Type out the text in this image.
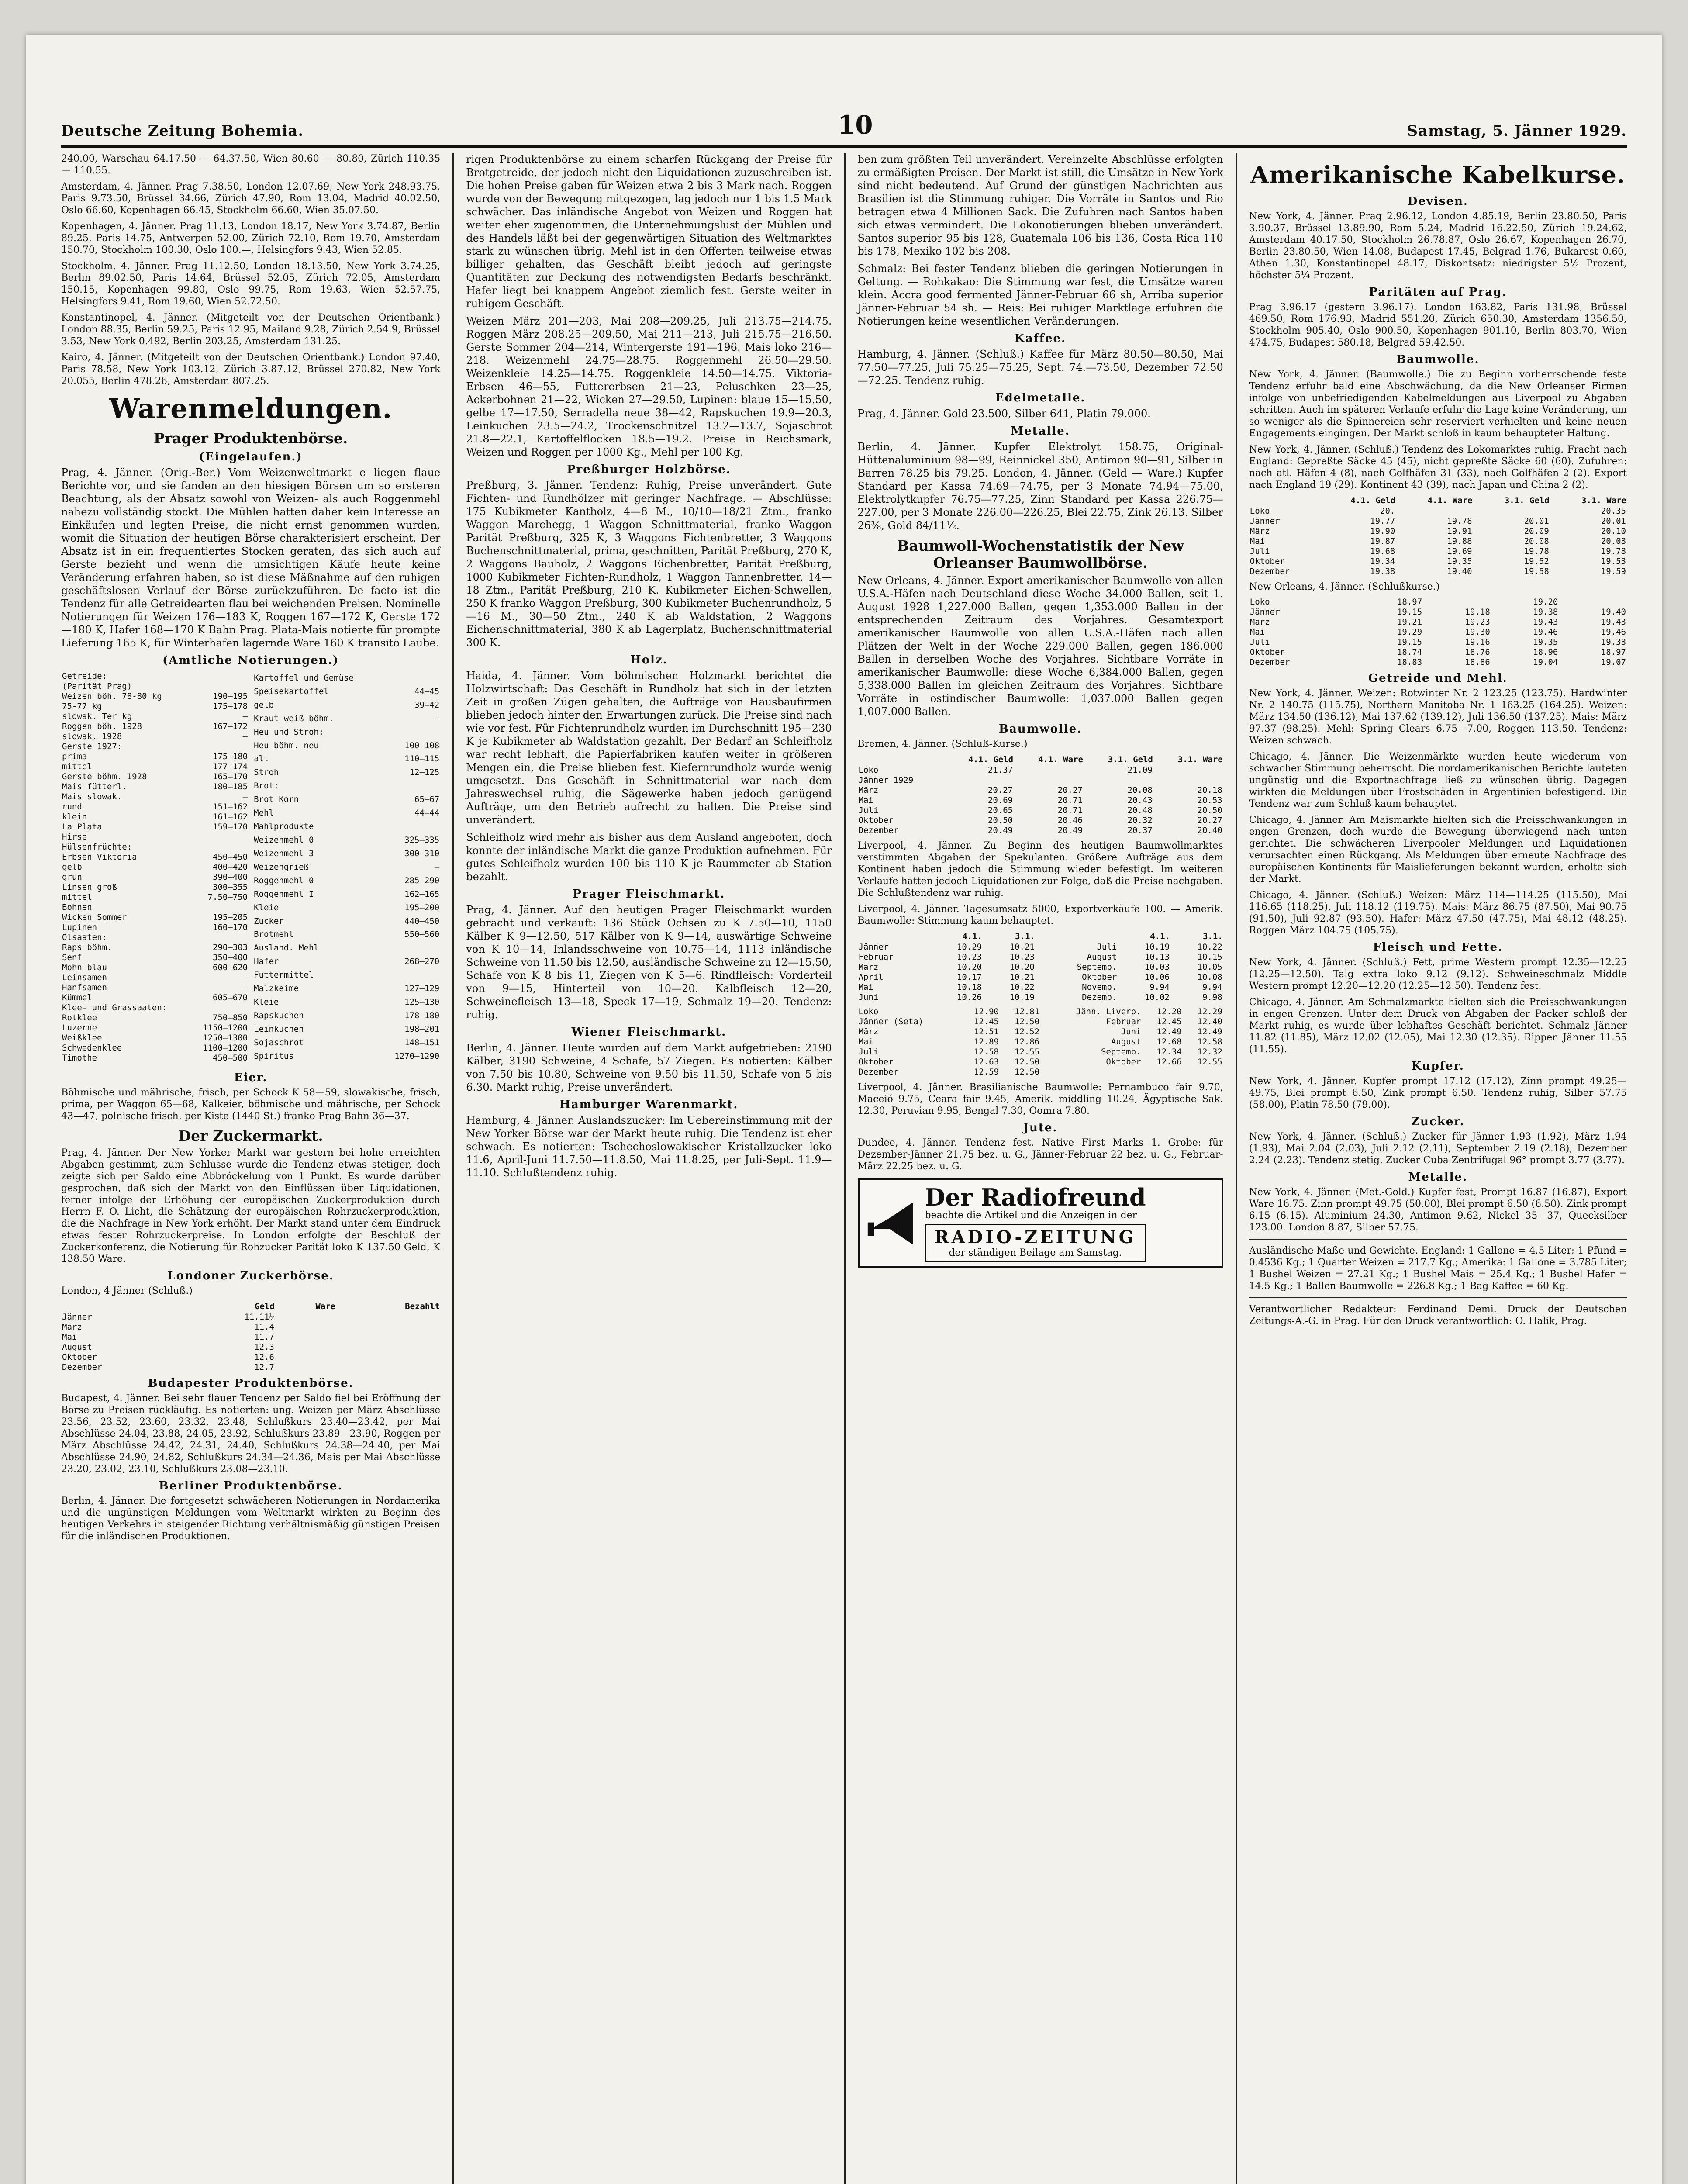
Deutsche Zeitung Bohemia.	10	Samstag, 5. Jänner 1929.

240.00, Warschau 64.17.50 — 64.37.50, Wien 80.60 — 80.80, Zürich 110.35 — 110.55.

Amsterdam, 4. Jänner. Prag 7.38.50, London 12.07.69, New York 248.93.75, Paris 9.73.50, Brüssel 34.66, Zürich 47.90, Rom 13.04, Madrid 40.02.50, Oslo 66.60, Kopenhagen 66.45, Stockholm 66.60, Wien 35.07.50.

Kopenhagen, 4. Jänner. Prag 11.13, London 18.17, New York 3.74.87, Berlin 89.25, Paris 14.75, Antwerpen 52.00, Zürich 72.10, Rom 19.70, Amsterdam 150.70, Stockholm 100.30, Oslo 100.—, Helsingfors 9.43, Wien 52.85.

Stockholm, 4. Jänner. Prag 11.12.50, London 18.13.50, New York 3.74.25, Berlin 89.02.50, Paris 14.64, Brüssel 52.05, Zürich 72.05, Amsterdam 150.15, Kopenhagen 99.80, Oslo 99.75, Rom 19.63, Wien 52.57.75, Helsingfors 9.41, Rom 19.60, Wien 52.72.50.

Konstantinopel, 4. Jänner. (Mitgeteilt von der Deutschen Orientbank.) London 88.35, Berlin 59.25, Paris 12.95, Mailand 9.28, Zürich 2.54.9, Brüssel 3.53, New York 0.492, Berlin 203.25, Amsterdam 131.25.

Kairo, 4. Jänner. (Mitgeteilt von der Deutschen Orientbank.) London 97.40, Paris 78.58, New York 103.12, Zürich 3.87.12, Brüssel 270.82, New York 20.055, Berlin 478.26, Amsterdam 807.25.

Warenmeldungen.
Prager Produktenbörse.
(Eingelaufen.)

Prag, 4. Jänner. (Orig.-Ber.) Vom Weizenweltmarkt e liegen flaue Berichte vor, und sie fanden an den hiesigen Börsen um so ersteren Beachtung, als der Absatz sowohl von Weizen- als auch Roggenmehl nahezu vollständig stockt. Die Mühlen hatten daher kein Interesse an Einkäufen und legten Preise, die nicht ernst genommen wurden, womit die Situation der heutigen Börse charakterisiert erscheint. Der Absatz ist in ein frequentiertes Stocken geraten, das sich auch auf Gerste bezieht und wenn die umsichtigen Käufe heute keine Veränderung erfahren haben, so ist diese Mäßnahme auf den ruhigen geschäftslosen Verlauf der Börse zurückzuführen. De facto ist die Tendenz für alle Getreidearten flau bei weichenden Preisen. Nominelle Notierungen für Weizen 176—183 K, Roggen 167—172 K, Gerste 172—180 K, Hafer 168—170 K Bahn Prag. Plata-Mais notierte für prompte Lieferung 165 K, für Winterhafen lagernde Ware 160 K transito Laube.

(Amtliche Notierungen.)
Getreide:	
(Parität Prag)	
Weizen böh. 78-80 kg	190—195
75-77 kg	175—178
slowak. Ter kg	—
Roggen böh. 1928	167—172
slowak. 1928	—
Gerste 1927:	
prima	175—180
mittel	177—174
Gerste böhm. 1928	165—170
Mais fütterl.	180—185
Mais slowak.	—
rund	151—162
klein	161—162
La Plata	159—170
Hirse	
Hülsenfrüchte:	
Erbsen Viktoria	450—450
gelb	400—420
grün	390—400
Linsen groß	300—355
mittel	7.50—750
Bohnen	
Wicken Sommer	195—205
Lupinen	160—170
Ölsaaten:	
Raps böhm.	290—303
Senf	350—400
Mohn blau	600—620
Leinsamen	—
Hanfsamen	—
Kümmel	605—670
Klee- und Grassaaten:	
Rotklee	750—850
Luzerne	1150—1200
Weißklee	1250—1300
Schwedenklee	1100—1200
Timothe	450—500
Kartoffel und Gemüse	
Speisekartoffel	44—45
gelb	39—42
Kraut weiß böhm.	—
Heu und Stroh:	
Heu böhm. neu	100—108
alt	110—115
Stroh	12—125
Brot:	
Brot Korn	65—67
Mehl	44—44
Mahlprodukte	
Weizenmehl 0	325—335
Weizenmehl 3	300—310
Weizengrieß	—
Roggenmehl 0	285—290
Roggenmehl I	162—165
Kleie	195—200
Zucker	440—450
Brotmehl	550—560
Ausland. Mehl	
Hafer	268—270
Futtermittel	
Malzkeime	127—129
Kleie	125—130
Rapskuchen	178—180
Leinkuchen	198—201
Sojaschrot	148—151
Spiritus	1270—1290
Eier.

Böhmische und mährische, frisch, per Schock K 58—59, slowakische, frisch, prima, per Waggon 65—68, Kalkeier, böhmische und mährische, per Schock 43—47, polnische frisch, per Kiste (1440 St.) franko Prag Bahn 36—37.

Der Zuckermarkt.

Prag, 4. Jänner. Der New Yorker Markt war gestern bei hohe erreichten Abgaben gestimmt, zum Schlusse wurde die Tendenz etwas stetiger, doch zeigte sich per Saldo eine Abbröckelung von 1 Punkt. Es wurde darüber gesprochen, daß sich der Markt von den Einflüssen über Liquidationen, ferner infolge der Erhöhung der europäischen Zuckerproduktion durch Herrn F. O. Licht, die Schätzung der europäischen Rohrzuckerproduktion, die die Nachfrage in New York erhöht. Der Markt stand unter dem Eindruck etwas fester Rohrzuckerpreise. In London erfolgte der Beschluß der Zuckerkonferenz, die Notierung für Rohzucker Parität loko K 137.50 Geld, K 138.50 Ware.

Londoner Zuckerbörse.
London, 4 Jänner (Schluß.)
	Geld	Ware	Bezahlt
Jänner	11.11¼		
März	11.4		
Mai	11.7		
August	12.3		
Oktober	12.6		
Dezember	12.7		
Budapester Produktenbörse.

Budapest, 4. Jänner. Bei sehr flauer Tendenz per Saldo fiel bei Eröffnung der Börse zu Preisen rückläufig. Es notierten: ung. Weizen per März Abschlüsse 23.56, 23.52, 23.60, 23.32, 23.48, Schlußkurs 23.40—23.42, per Mai Abschlüsse 24.04, 23.88, 24.05, 23.92, Schlußkurs 23.89—23.90, Roggen per März Abschlüsse 24.42, 24.31, 24.40, Schlußkurs 24.38—24.40, per Mai Abschlüsse 24.90, 24.82, Schlußkurs 24.34—24.36, Mais per Mai Abschlüsse 23.20, 23.02, 23.10, Schlußkurs 23.08—23.10.

Berliner Produktenbörse.

Berlin, 4. Jänner. Die fortgesetzt schwächeren Notierungen in Nordamerika und die ungünstigen Meldungen vom Weltmarkt wirkten zu Beginn des heutigen Verkehrs in steigender Richtung verhältnismäßig günstigen Preisen für die inländischen Produktionen.

rigen Produktenbörse zu einem scharfen Rückgang der Preise für Brotgetreide, der jedoch nicht den Liquidationen zuzuschreiben ist. Die hohen Preise gaben für Weizen etwa 2 bis 3 Mark nach. Roggen wurde von der Bewegung mitgezogen, lag jedoch nur 1 bis 1.5 Mark schwächer. Das inländische Angebot von Weizen und Roggen hat weiter eher zugenommen, die Unternehmungslust der Mühlen und des Handels läßt bei der gegenwärtigen Situation des Weltmarktes stark zu wünschen übrig. Mehl ist in den Offerten teilweise etwas billiger gehalten, das Geschäft bleibt jedoch auf geringste Quantitäten zur Deckung des notwendigsten Bedarfs beschränkt. Hafer liegt bei knappem Angebot ziemlich fest. Gerste weiter in ruhigem Geschäft.

Weizen März 201—203, Mai 208—209.25, Juli 213.75—214.75. Roggen März 208.25—209.50, Mai 211—213, Juli 215.75—216.50. Gerste Sommer 204—214, Wintergerste 191—196. Mais loko 216—218. Weizenmehl 24.75—28.75. Roggenmehl 26.50—29.50. Weizenkleie 14.25—14.75. Roggenkleie 14.50—14.75. Viktoria-Erbsen 46—55, Futtererbsen 21—23, Peluschken 23—25, Ackerbohnen 21—22, Wicken 27—29.50, Lupinen: blaue 15—15.50, gelbe 17—17.50, Serradella neue 38—42, Rapskuchen 19.9—20.3, Leinkuchen 23.5—24.2, Trockenschnitzel 13.2—13.7, Sojaschrot 21.8—22.1, Kartoffelflocken 18.5—19.2. Preise in Reichsmark, Weizen und Roggen per 1000 Kg., Mehl per 100 Kg.

Preßburger Holzbörse.

Preßburg, 3. Jänner. Tendenz: Ruhig, Preise unverändert. Gute Fichten- und Rundhölzer mit geringer Nachfrage. — Abschlüsse: 175 Kubikmeter Kantholz, 4—8 M., 10/10—18/21 Ztm., franko Waggon Marchegg, 1 Waggon Schnittmaterial, franko Waggon Parität Preßburg, 325 K, 3 Waggons Fichtenbretter, 3 Waggons Buchenschnittmaterial, prima, geschnitten, Parität Preßburg, 270 K, 2 Waggons Bauholz, 2 Waggons Eichenbretter, Parität Preßburg, 1000 Kubikmeter Fichten-Rundholz, 1 Waggon Tannenbretter, 14—18 Ztm., Parität Preßburg, 210 K. Kubikmeter Eichen-Schwellen, 250 K franko Waggon Preßburg, 300 Kubikmeter Buchenrundholz, 5—16 M., 30—50 Ztm., 240 K ab Waldstation, 2 Waggons Eichenschnittmaterial, 380 K ab Lagerplatz, Buchenschnittmaterial 300 K.

Holz.

Haida, 4. Jänner. Vom böhmischen Holzmarkt berichtet die Holzwirtschaft: Das Geschäft in Rundholz hat sich in der letzten Zeit in großen Zügen gehalten, die Aufträge von Hausbaufirmen blieben jedoch hinter den Erwartungen zurück. Die Preise sind nach wie vor fest. Für Fichtenrundholz wurden im Durchschnitt 195—230 K je Kubikmeter ab Waldstation gezahlt. Der Bedarf an Schleifholz war recht lebhaft, die Papierfabriken kaufen weiter in größeren Mengen ein, die Preise blieben fest. Kiefernrundholz wurde wenig umgesetzt. Das Geschäft in Schnittmaterial war nach dem Jahreswechsel ruhig, die Sägewerke haben jedoch genügend Aufträge, um den Betrieb aufrecht zu halten. Die Preise sind unverändert.

Schleifholz wird mehr als bisher aus dem Ausland angeboten, doch konnte der inländische Markt die ganze Produktion aufnehmen. Für gutes Schleifholz wurden 100 bis 110 K je Raummeter ab Station bezahlt.

Prager Fleischmarkt.

Prag, 4. Jänner. Auf den heutigen Prager Fleischmarkt wurden gebracht und verkauft: 136 Stück Ochsen zu K 7.50—10, 1150 Kälber K 9—12.50, 517 Kälber von K 9—14, auswärtige Schweine von K 10—14, Inlandsschweine von 10.75—14, 1113 inländische Schweine von 11.50 bis 12.50, ausländische Schweine zu 12—15.50, Schafe von K 8 bis 11, Ziegen von K 5—6. Rindfleisch: Vorderteil von 9—15, Hinterteil von 10—20. Kalbfleisch 12—20, Schweinefleisch 13—18, Speck 17—19, Schmalz 19—20. Tendenz: ruhig.

Wiener Fleischmarkt.

Berlin, 4. Jänner. Heute wurden auf dem Markt aufgetrieben: 2190 Kälber, 3190 Schweine, 4 Schafe, 57 Ziegen. Es notierten: Kälber von 7.50 bis 10.80, Schweine von 9.50 bis 11.50, Schafe von 5 bis 6.30. Markt ruhig, Preise unverändert.

Hamburger Warenmarkt.

Hamburg, 4. Jänner. Auslandszucker: Im Uebereinstimmung mit der New Yorker Börse war der Markt heute ruhig. Die Tendenz ist eher schwach. Es notierten: Tschechoslowakischer Kristallzucker loko 11.6, April-Juni 11.7.50—11.8.50, Mai 11.8.25, per Juli-Sept. 11.9—11.10. Schlußtendenz ruhig.

ben zum größten Teil unverändert. Vereinzelte Abschlüsse erfolgten zu ermäßigten Preisen. Der Markt ist still, die Umsätze in New York sind nicht bedeutend. Auf Grund der günstigen Nachrichten aus Brasilien ist die Stimmung ruhiger. Die Vorräte in Santos und Rio betragen etwa 4 Millionen Sack. Die Zufuhren nach Santos haben sich etwas vermindert. Die Lokonotierungen blieben unverändert. Santos superior 95 bis 128, Guatemala 106 bis 136, Costa Rica 110 bis 178, Mexiko 102 bis 208.

Schmalz: Bei fester Tendenz blieben die geringen Notierungen in Geltung. — Rohkakao: Die Stimmung war fest, die Umsätze waren klein. Accra good fermented Jänner-Februar 66 sh, Arriba superior Jänner-Februar 54 sh. — Reis: Bei ruhiger Marktlage erfuhren die Notierungen keine wesentlichen Veränderungen.

Kaffee.

Hamburg, 4. Jänner. (Schluß.) Kaffee für März 80.50—80.50, Mai 77.50—77.25, Juli 75.25—75.25, Sept. 74.—73.50, Dezember 72.50—72.25. Tendenz ruhig.

Edelmetalle.

Prag, 4. Jänner. Gold 23.500, Silber 641, Platin 79.000.

Metalle.

Berlin, 4. Jänner. Kupfer Elektrolyt 158.75, Original-Hüttenaluminium 98—99, Reinnickel 350, Antimon 90—91, Silber in Barren 78.25 bis 79.25. London, 4. Jänner. (Geld — Ware.) Kupfer Standard per Kassa 74.69—74.75, per 3 Monate 74.94—75.00, Elektrolytkupfer 76.75—77.25, Zinn Standard per Kassa 226.75—227.00, per 3 Monate 226.00—226.25, Blei 22.75, Zink 26.13. Silber 26⅜, Gold 84/11½.

Baumwoll-Wochenstatistik der New Orleanser Baumwollbörse.

New Orleans, 4. Jänner. Export amerikanischer Baumwolle von allen U.S.A.-Häfen nach Deutschland diese Woche 34.000 Ballen, seit 1. August 1928 1,227.000 Ballen, gegen 1,353.000 Ballen in der entsprechenden Zeitraum des Vorjahres. Gesamtexport amerikanischer Baumwolle von allen U.S.A.-Häfen nach allen Plätzen der Welt in der Woche 229.000 Ballen, gegen 186.000 Ballen in derselben Woche des Vorjahres. Sichtbare Vorräte in amerikanischer Baumwolle: diese Woche 6,384.000 Ballen, gegen 5,338.000 Ballen im gleichen Zeitraum des Vorjahres. Sichtbare Vorräte in ostindischer Baumwolle: 1,037.000 Ballen gegen 1,007.000 Ballen.

Baumwolle.
Bremen, 4. Jänner. (Schluß-Kurse.)
	4.1. Geld	4.1. Ware	3.1. Geld	3.1. Ware
Loko	21.37		21.09	
Jänner 1929				
März	20.27	20.27	20.08	20.18
Mai	20.69	20.71	20.43	20.53
Juli	20.65	20.71	20.48	20.50
Oktober	20.50	20.46	20.32	20.27
Dezember	20.49	20.49	20.37	20.40

Liverpool, 4. Jänner. Zu Beginn des heutigen Baumwollmarktes verstimmten Abgaben der Spekulanten. Größere Aufträge aus dem Kontinent haben jedoch die Stimmung wieder befestigt. Im weiteren Verlaufe hatten jedoch Liquidationen zur Folge, daß die Preise nachgaben. Die Schlußtendenz war ruhig.

Liverpool, 4. Jänner. Tagesumsatz 5000, Exportverkäufe 100. — Amerik. Baumwolle: Stimmung kaum behauptet.

	4.1.	3.1.		4.1.	3.1.
Jänner	10.29	10.21	Juli	10.19	10.22
Februar	10.23	10.23	August	10.13	10.15
März	10.20	10.20	Septemb.	10.03	10.05
April	10.17	10.21	Oktober	10.06	10.08
Mai	10.18	10.22	Novemb.	9.94	9.94
Juni	10.26	10.19	Dezemb.	10.02	9.98
Loko	12.90	12.81	Jänn. Liverp.	12.20	12.29
Jänner (Seta)	12.45	12.50	Februar	12.45	12.40
März	12.51	12.52	Juni	12.49	12.49
Mai	12.89	12.86	August	12.68	12.58
Juli	12.58	12.55	Septemb.	12.34	12.32
Oktober	12.63	12.50	Oktober	12.66	12.55
Dezember	12.59	12.50			

Liverpool, 4. Jänner. Brasilianische Baumwolle: Pernambuco fair 9.70, Maceió 9.75, Ceara fair 9.45, Amerik. middling 10.24, Ägyptische Sak. 12.30, Peruvian 9.95, Bengal 7.30, Oomra 7.80.

Jute.

Dundee, 4. Jänner. Tendenz fest. Native First Marks 1. Grobe: für Dezember-Jänner 21.75 bez. u. G., Jänner-Februar 22 bez. u. G., Februar-März 22.25 bez. u. G.

Der Radiofreund
beachte die Artikel und die Anzeigen in der
RADIO-ZEITUNG
der ständigen Beilage am Samstag.
Amerikanische Kabelkurse.
Devisen.

New York, 4. Jänner. Prag 2.96.12, London 4.85.19, Berlin 23.80.50, Paris 3.90.37, Brüssel 13.89.90, Rom 5.24, Madrid 16.22.50, Zürich 19.24.62, Amsterdam 40.17.50, Stockholm 26.78.87, Oslo 26.67, Kopenhagen 26.70, Berlin 23.80.50, Wien 14.08, Budapest 17.45, Belgrad 1.76, Bukarest 0.60, Athen 1.30, Konstantinopel 48.17, Diskontsatz: niedrigster 5½ Prozent, höchster 5¼ Prozent.

Paritäten auf Prag.

Prag 3.96.17 (gestern 3.96.17). London 163.82, Paris 131.98, Brüssel 469.50, Rom 176.93, Madrid 551.20, Zürich 650.30, Amsterdam 1356.50, Stockholm 905.40, Oslo 900.50, Kopenhagen 901.10, Berlin 803.70, Wien 474.75, Budapest 580.18, Belgrad 59.42.50.

Baumwolle.

New York, 4. Jänner. (Baumwolle.) Die zu Beginn vorherrschende feste Tendenz erfuhr bald eine Abschwächung, da die New Orleanser Firmen infolge von unbefriedigenden Kabelmeldungen aus Liverpool zu Abgaben schritten. Auch im späteren Verlaufe erfuhr die Lage keine Veränderung, um so weniger als die Spinnereien sehr reserviert verhielten und keine neuen Engagements eingingen. Der Markt schloß in kaum behaupteter Haltung.

New York, 4. Jänner. (Schluß.) Tendenz des Lokomarktes ruhig. Fracht nach England: Gepreßte Säcke 45 (45), nicht gepreßte Säcke 60 (60). Zufuhren: nach atl. Häfen 4 (8), nach Golfhäfen 31 (33), nach Golfhäfen 2 (2). Export nach England 19 (29). Kontinent 43 (39), nach Japan und China 2 (2).

	4.1. Geld	4.1. Ware	3.1. Geld	3.1. Ware
Loko	20.			20.35
Jänner	19.77	19.78	20.01	20.01
März	19.90	19.91	20.09	20.10
Mai	19.87	19.88	20.08	20.08
Juli	19.68	19.69	19.78	19.78
Oktober	19.34	19.35	19.52	19.53
Dezember	19.38	19.40	19.58	19.59
New Orleans, 4. Jänner. (Schlußkurse.)
Loko	18.97		19.20	
Jänner	19.15	19.18	19.38	19.40
März	19.21	19.23	19.43	19.43
Mai	19.29	19.30	19.46	19.46
Juli	19.15	19.16	19.35	19.38
Oktober	18.74	18.76	18.96	18.97
Dezember	18.83	18.86	19.04	19.07
Getreide und Mehl.

New York, 4. Jänner. Weizen: Rotwinter Nr. 2 123.25 (123.75). Hardwinter Nr. 2 140.75 (115.75), Northern Manitoba Nr. 1 163.25 (164.25). Weizen: März 134.50 (136.12), Mai 137.62 (139.12), Juli 136.50 (137.25). Mais: März 97.37 (98.25). Mehl: Spring Clears 6.75—7.00, Roggen 113.50. Tendenz: Weizen schwach.

Chicago, 4. Jänner. Die Weizenmärkte wurden heute wiederum von schwacher Stimmung beherrscht. Die nordamerikanischen Berichte lauteten ungünstig und die Exportnachfrage ließ zu wünschen übrig. Dagegen wirkten die Meldungen über Frostschäden in Argentinien befestigend. Die Tendenz war zum Schluß kaum behauptet.

Chicago, 4. Jänner. Am Maismarkte hielten sich die Preisschwankungen in engen Grenzen, doch wurde die Bewegung überwiegend nach unten gerichtet. Die schwächeren Liverpooler Meldungen und Liquidationen verursachten einen Rückgang. Als Meldungen über erneute Nachfrage des europäischen Kontinents für Maislieferungen bekannt wurden, erholte sich der Markt.

Chicago, 4. Jänner. (Schluß.) Weizen: März 114—114.25 (115.50), Mai 116.65 (118.25), Juli 118.12 (119.75). Mais: März 86.75 (87.50), Mai 90.75 (91.50), Juli 92.87 (93.50). Hafer: März 47.50 (47.75), Mai 48.12 (48.25). Roggen März 104.75 (105.75).

Fleisch und Fette.

New York, 4. Jänner. (Schluß.) Fett, prime Western prompt 12.35—12.25 (12.25—12.50). Talg extra loko 9.12 (9.12). Schweineschmalz Middle Western prompt 12.20—12.20 (12.25—12.50). Tendenz fest.

Chicago, 4. Jänner. Am Schmalzmarkte hielten sich die Preisschwankungen in engen Grenzen. Unter dem Druck von Abgaben der Packer schloß der Markt ruhig, es wurde über lebhaftes Geschäft berichtet. Schmalz Jänner 11.82 (11.85), März 12.02 (12.05), Mai 12.30 (12.35). Rippen Jänner 11.55 (11.55).

Kupfer.

New York, 4. Jänner. Kupfer prompt 17.12 (17.12), Zinn prompt 49.25—49.75, Blei prompt 6.50, Zink prompt 6.50. Tendenz ruhig, Silber 57.75 (58.00), Platin 78.50 (79.00).

Zucker.

New York, 4. Jänner. (Schluß.) Zucker für Jänner 1.93 (1.92), März 1.94 (1.93), Mai 2.04 (2.03), Juli 2.12 (2.11), September 2.19 (2.18), Dezember 2.24 (2.23). Tendenz stetig. Zucker Cuba Zentrifugal 96° prompt 3.77 (3.77).

Metalle.

New York, 4. Jänner. (Met.-Gold.) Kupfer fest, Prompt 16.87 (16.87), Export Ware 16.75. Zinn prompt 49.75 (50.00), Blei prompt 6.50 (6.50). Zink prompt 6.15 (6.15). Aluminium 24.30, Antimon 9.62, Nickel 35—37, Quecksilber 123.00. London 8.87, Silber 57.75.

Ausländische Maße und Gewichte. England: 1 Gallone = 4.5 Liter; 1 Pfund = 0.4536 Kg.; 1 Quarter Weizen = 217.7 Kg.; Amerika: 1 Gallone = 3.785 Liter; 1 Bushel Weizen = 27.21 Kg.; 1 Bushel Mais = 25.4 Kg.; 1 Bushel Hafer = 14.5 Kg.; 1 Ballen Baumwolle = 226.8 Kg.; 1 Bag Kaffee = 60 Kg.

Verantwortlicher Redakteur: Ferdinand Demi. Druck der Deutschen Zeitungs-A.-G. in Prag. Für den Druck verantwortlich: O. Halik, Prag.
